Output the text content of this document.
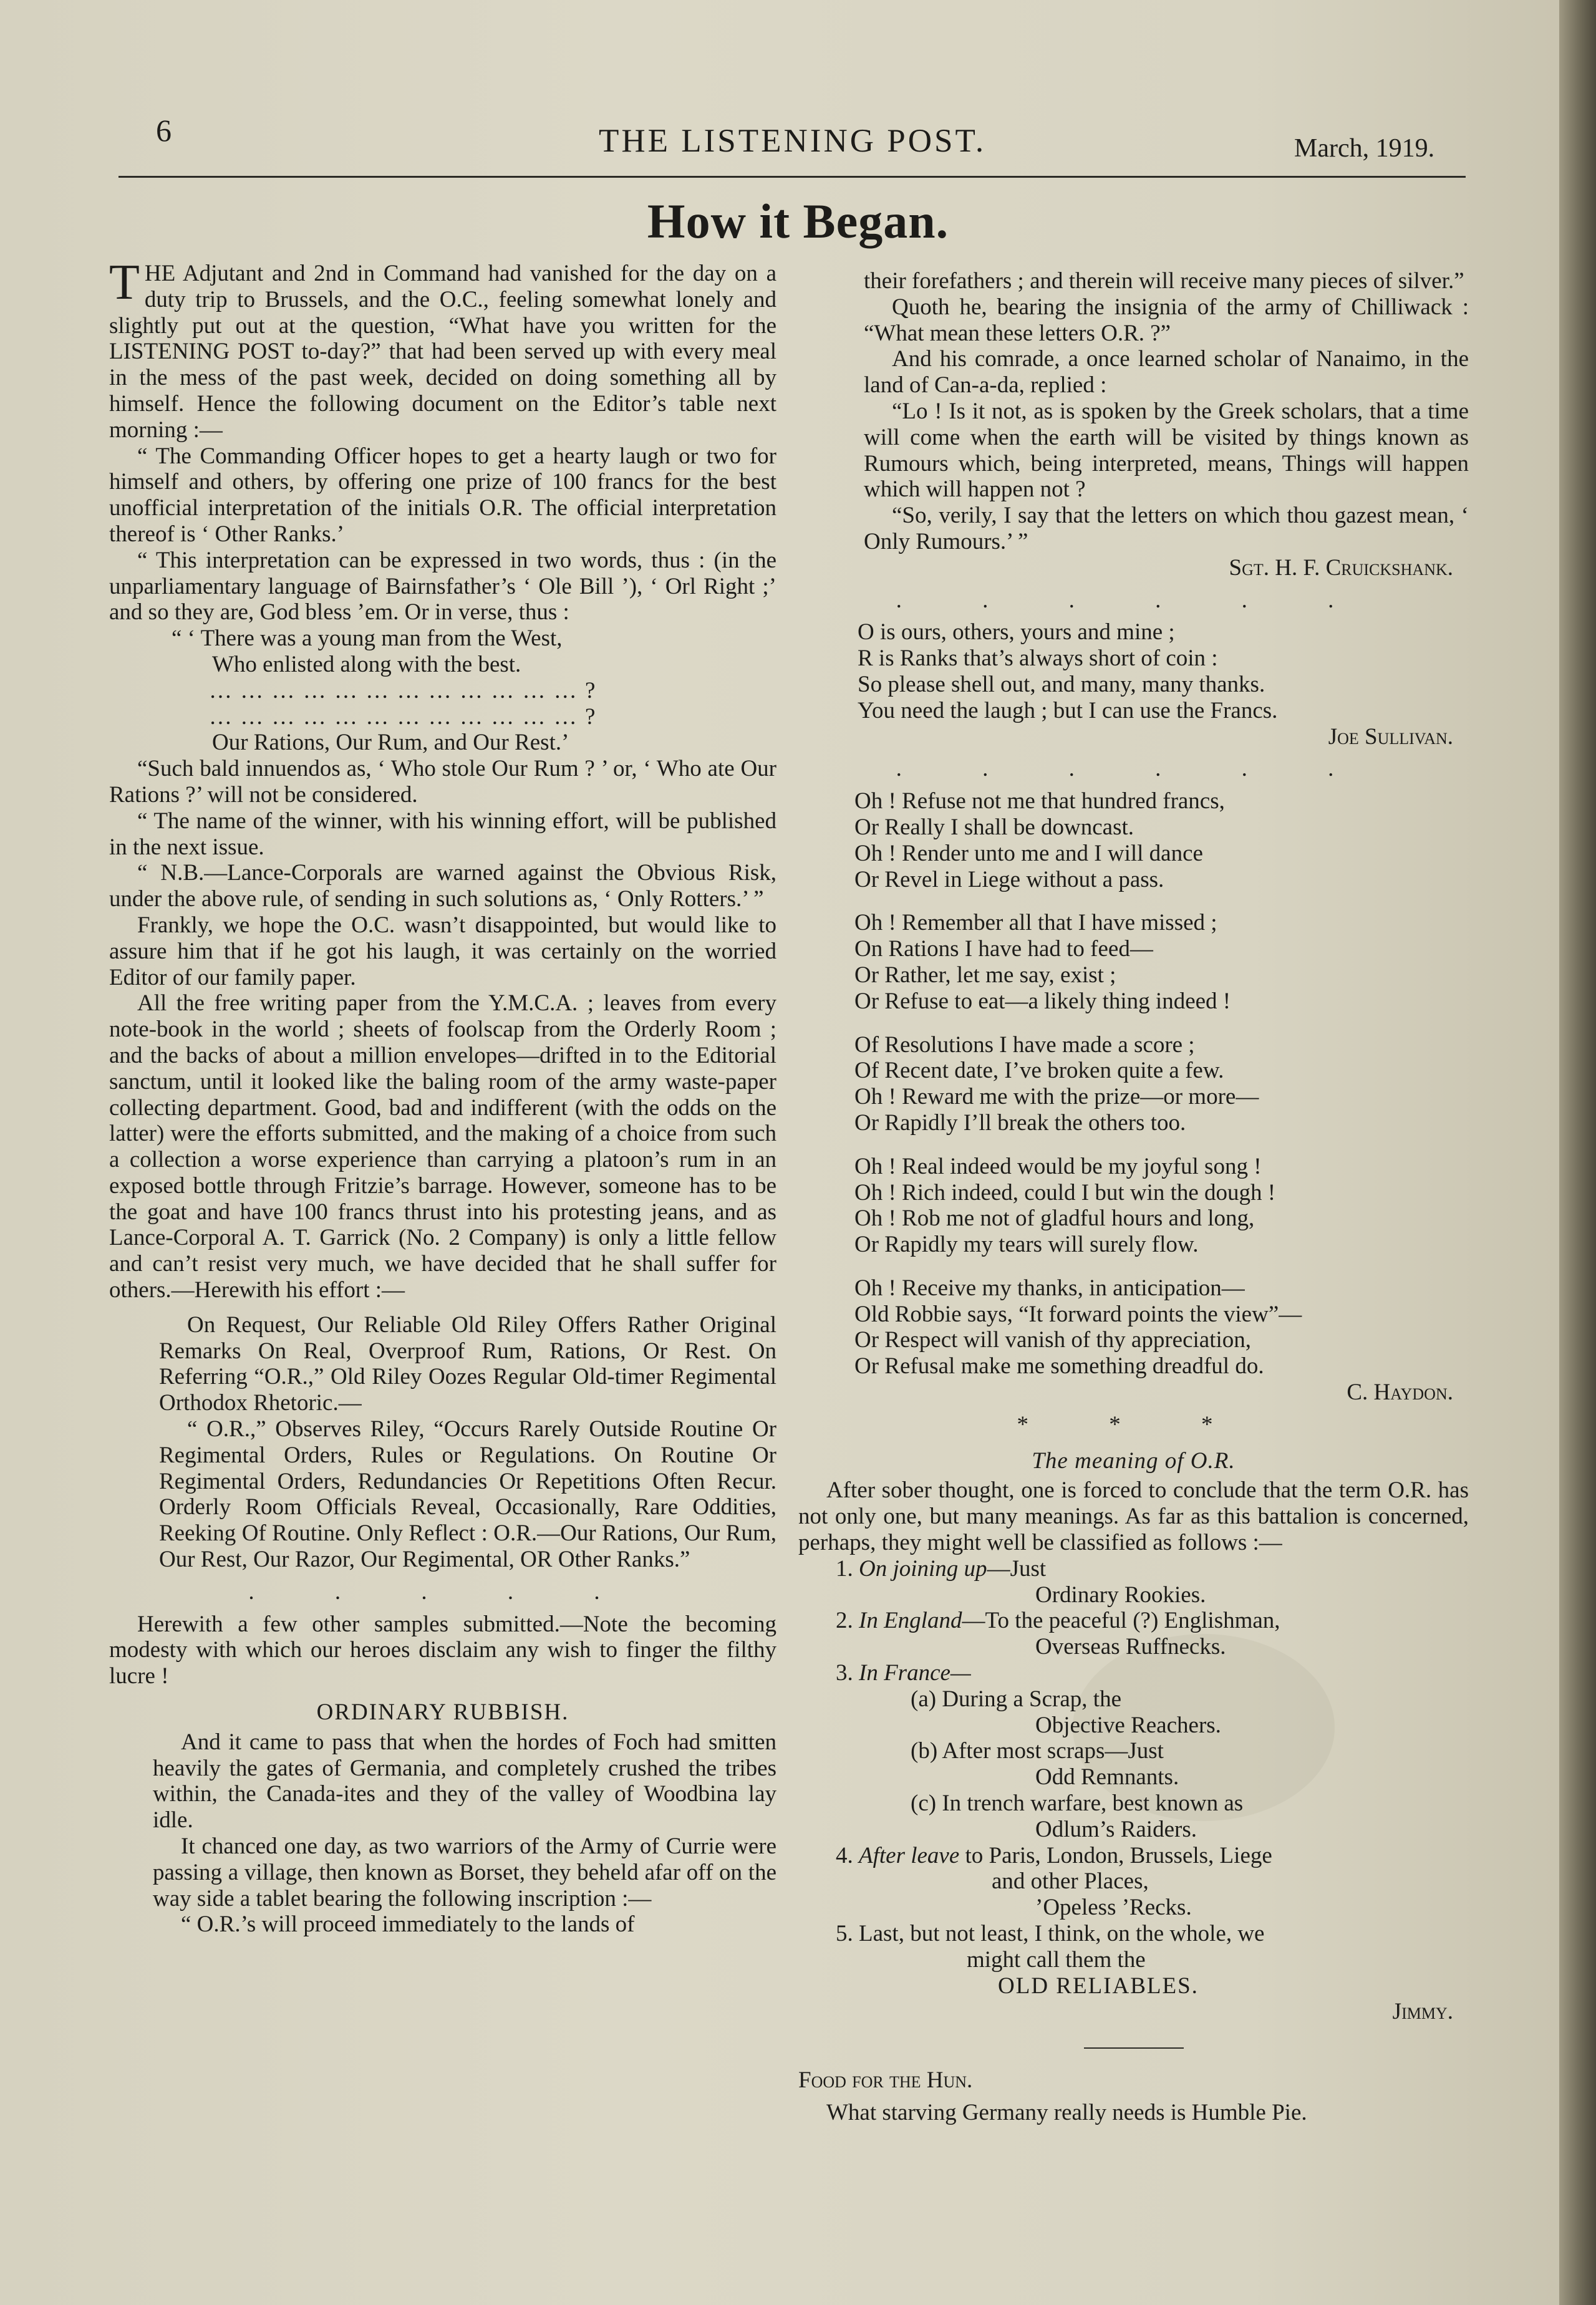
6	THE LISTENING POST.	March, 1919.
How it Began.

THE Adjutant and 2nd in Command had vanished for the day on a duty trip to Brussels, and the O.C., feeling somewhat lonely and slightly put out at the question, “What have you written for the LISTENING POST to-day?” that had been served up with every meal in the mess of the past week, decided on doing something all by himself. Hence the following document on the Editor’s table next morning :—

“ The Commanding Officer hopes to get a hearty laugh or two for himself and others, by offering one prize of 100 francs for the best unofficial interpretation of the initials O.R. The official interpretation thereof is ‘ Other Ranks.’

“ This interpretation can be expressed in two words, thus : (in the unparliamentary language of Bairnsfather’s ‘ Ole Bill ’), ‘ Orl Right ;’ and so they are, God bless ’em. Or in verse, thus :

“ ‘ There was a young man from the West,
Who enlisted along with the best.
… … … … … … … … … … … … ?
… … … … … … … … … … … … ?
Our Rations, Our Rum, and Our Rest.’

“Such bald innuendos as, ‘ Who stole Our Rum ? ’ or, ‘ Who ate Our Rations ?’ will not be considered.

“ The name of the winner, with his winning effort, will be published in the next issue.

“ N.B.—Lance-Corporals are warned against the Obvious Risk, under the above rule, of sending in such solutions as, ‘ Only Rotters.’ ”

Frankly, we hope the O.C. wasn’t disappointed, but would like to assure him that if he got his laugh, it was certainly on the worried Editor of our family paper.

All the free writing paper from the Y.M.C.A. ; leaves from every note-book in the world ; sheets of foolscap from the Orderly Room ; and the backs of about a million envelopes—drifted in to the Editorial sanctum, until it looked like the baling room of the army waste-paper collecting department. Good, bad and indifferent (with the odds on the latter) were the efforts submitted, and the making of a choice from such a collection a worse experience than carrying a platoon’s rum in an exposed bottle through Fritzie’s barrage. However, someone has to be the goat and have 100 francs thrust into his protesting jeans, and as Lance-Corporal A. T. Garrick (No. 2 Company) is only a little fellow and can’t resist very much, we have decided that he shall suffer for others.—Herewith his effort :—

On Request, Our Reliable Old Riley Offers Rather Original Remarks On Real, Overproof Rum, Rations, Or Rest. On Referring “O.R.,” Old Riley Oozes Regular Old-timer Regimental Orthodox Rhetoric.—

“ O.R.,” Observes Riley, “Occurs Rarely Outside Routine Or Regimental Orders, Rules or Regulations. On Routine Or Regimental Orders, Redundancies Or Repetitions Often Recur. Orderly Room Officials Reveal, Occasionally, Rare Oddities, Reeking Of Routine. Only Reflect : O.R.—Our Rations, Our Rum, Our Rest, Our Razor, Our Regimental, OR Other Ranks.”

. . . . .

Herewith a few other samples submitted.—Note the becoming modesty with which our heroes disclaim any wish to finger the filthy lucre !

ORDINARY RUBBISH.

And it came to pass that when the hordes of Foch had smitten heavily the gates of Germania, and completely crushed the tribes within, the Canada-ites and they of the valley of Woodbina lay idle.

It chanced one day, as two warriors of the Army of Currie were passing a village, then known as Borset, they beheld afar off on the way side a tablet bearing the following inscription :—

“ O.R.’s will proceed immediately to the lands of

their forefathers ; and therein will receive many pieces of silver.”

Quoth he, bearing the insignia of the army of Chilliwack : “What mean these letters O.R. ?”

And his comrade, a once learned scholar of Nanaimo, in the land of Can-a-da, replied :

“Lo ! Is it not, as is spoken by the Greek scholars, that a time will come when the earth will be visited by things known as Rumours which, being interpreted, means, Things will happen which will happen not ?

“So, verily, I say that the letters on which thou gazest mean, ‘ Only Rumours.’ ”

Sgt. H. F. Cruickshank.
. . . . . .
O is ours, others, yours and mine ;
R is Ranks that’s always short of coin :
So please shell out, and many, many thanks.
You need the laugh ; but I can use the Francs.
Joe Sullivan.
. . . . . .
Oh ! Refuse not me that hundred francs,
Or Really I shall be downcast.
Oh ! Render unto me and I will dance
Or Revel in Liege without a pass.
Oh ! Remember all that I have missed ;
On Rations I have had to feed—
Or Rather, let me say, exist ;
Or Refuse to eat—a likely thing indeed !
Of Resolutions I have made a score ;
Of Recent date, I’ve broken quite a few.
Oh ! Reward me with the prize—or more—
Or Rapidly I’ll break the others too.
Oh ! Real indeed would be my joyful song !
Oh ! Rich indeed, could I but win the dough !
Oh ! Rob me not of gladful hours and long,
Or Rapidly my tears will surely flow.
Oh ! Receive my thanks, in anticipation—
Old Robbie says, “It forward points the view”—
Or Respect will vanish of thy appreciation,
Or Refusal make me something dreadful do.
C. Haydon.
* * *
The meaning of O.R.

After sober thought, one is forced to conclude that the term O.R. has not only one, but many meanings. As far as this battalion is concerned, perhaps, they might well be classified as follows :—

1. On joining up—Just
Ordinary Rookies.
2. In England—To the peaceful (?) Englishman,
Overseas Ruffnecks.
3. In France—
(a) During a Scrap, the
Objective Reachers.
(b) After most scraps—Just
Odd Remnants.
(c) In trench warfare, best known as
Odlum’s Raiders.
4. After leave to Paris, London, Brussels, Liege
and other Places,
’Opeless ’Recks.
5. Last, but not least, I think, on the whole, we
might call them the
OLD RELIABLES.
Jimmy.
Food for the Hun.
What starving Germany really needs is Humble Pie.
